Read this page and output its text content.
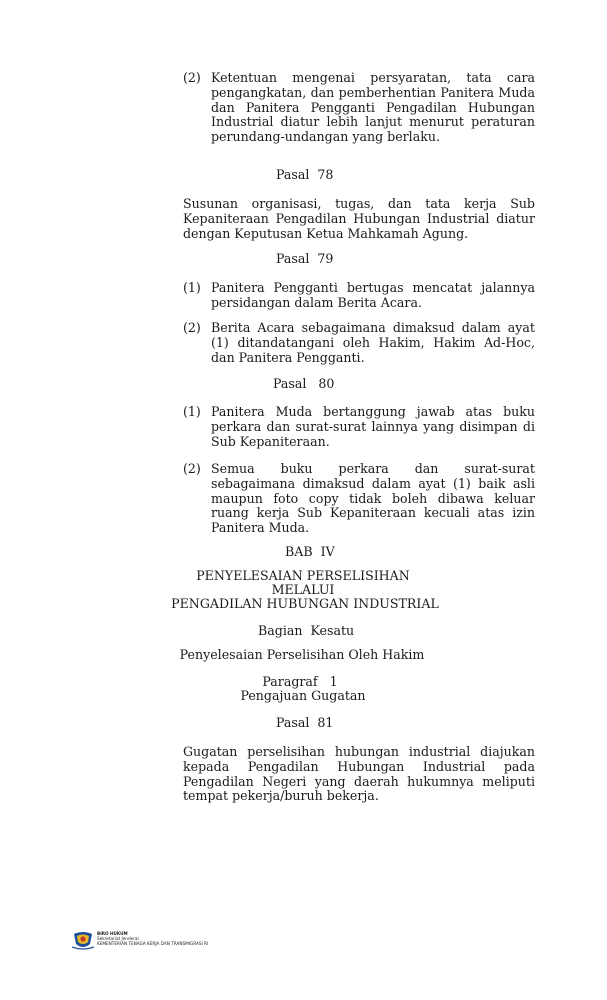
(2) Ketentuan mengenai persyaratan, tata cara pengangkatan, dan pemberhentian Panitera Muda dan Panitera Pengganti Pengadilan Hubungan Industrial diatur lebih lanjut menurut peraturan perundang-undangan yang berlaku.
Pasal  78
Susunan organisasi, tugas, dan tata kerja Sub Kepaniteraan Pengadilan Hubungan Industrial diatur dengan Keputusan Ketua Mahkamah Agung.
Pasal  79
(1) Panitera Pengganti bertugas mencatat jalannya persidangan dalam Berita Acara.
(2) Berita Acara sebagaimana dimaksud dalam ayat (1) ditandatangani oleh Hakim, Hakim Ad-Hoc, dan Panitera Pengganti.
Pasal   80
(1) Panitera Muda bertanggung jawab atas buku perkara dan surat-surat lainnya yang disimpan di Sub Kepaniteraan.
(2) Semua buku perkara dan surat-surat sebagaimana dimaksud dalam ayat (1) baik asli maupun foto copy tidak boleh dibawa keluar ruang kerja Sub Kepaniteraan kecuali atas izin Panitera Muda.
BAB  IV
PENYELESAIAN PERSELISIHAN
MELALUI
PENGADILAN HUBUNGAN INDUSTRIAL
Bagian  Kesatu
Penyelesaian Perselisihan Oleh Hakim
Paragraf   1
Pengajuan Gugatan
Pasal  81
Gugatan perselisihan hubungan industrial diajukan kepada Pengadilan Hubungan Industrial pada Pengadilan Negeri yang daerah hukumnya meliputi tempat pekerja/buruh bekerja.
BIRO HUKUM
Sekretariat Jenderal
KEMENTERIAN TENAGA KERJA DAN TRANSMIGRASI RI
